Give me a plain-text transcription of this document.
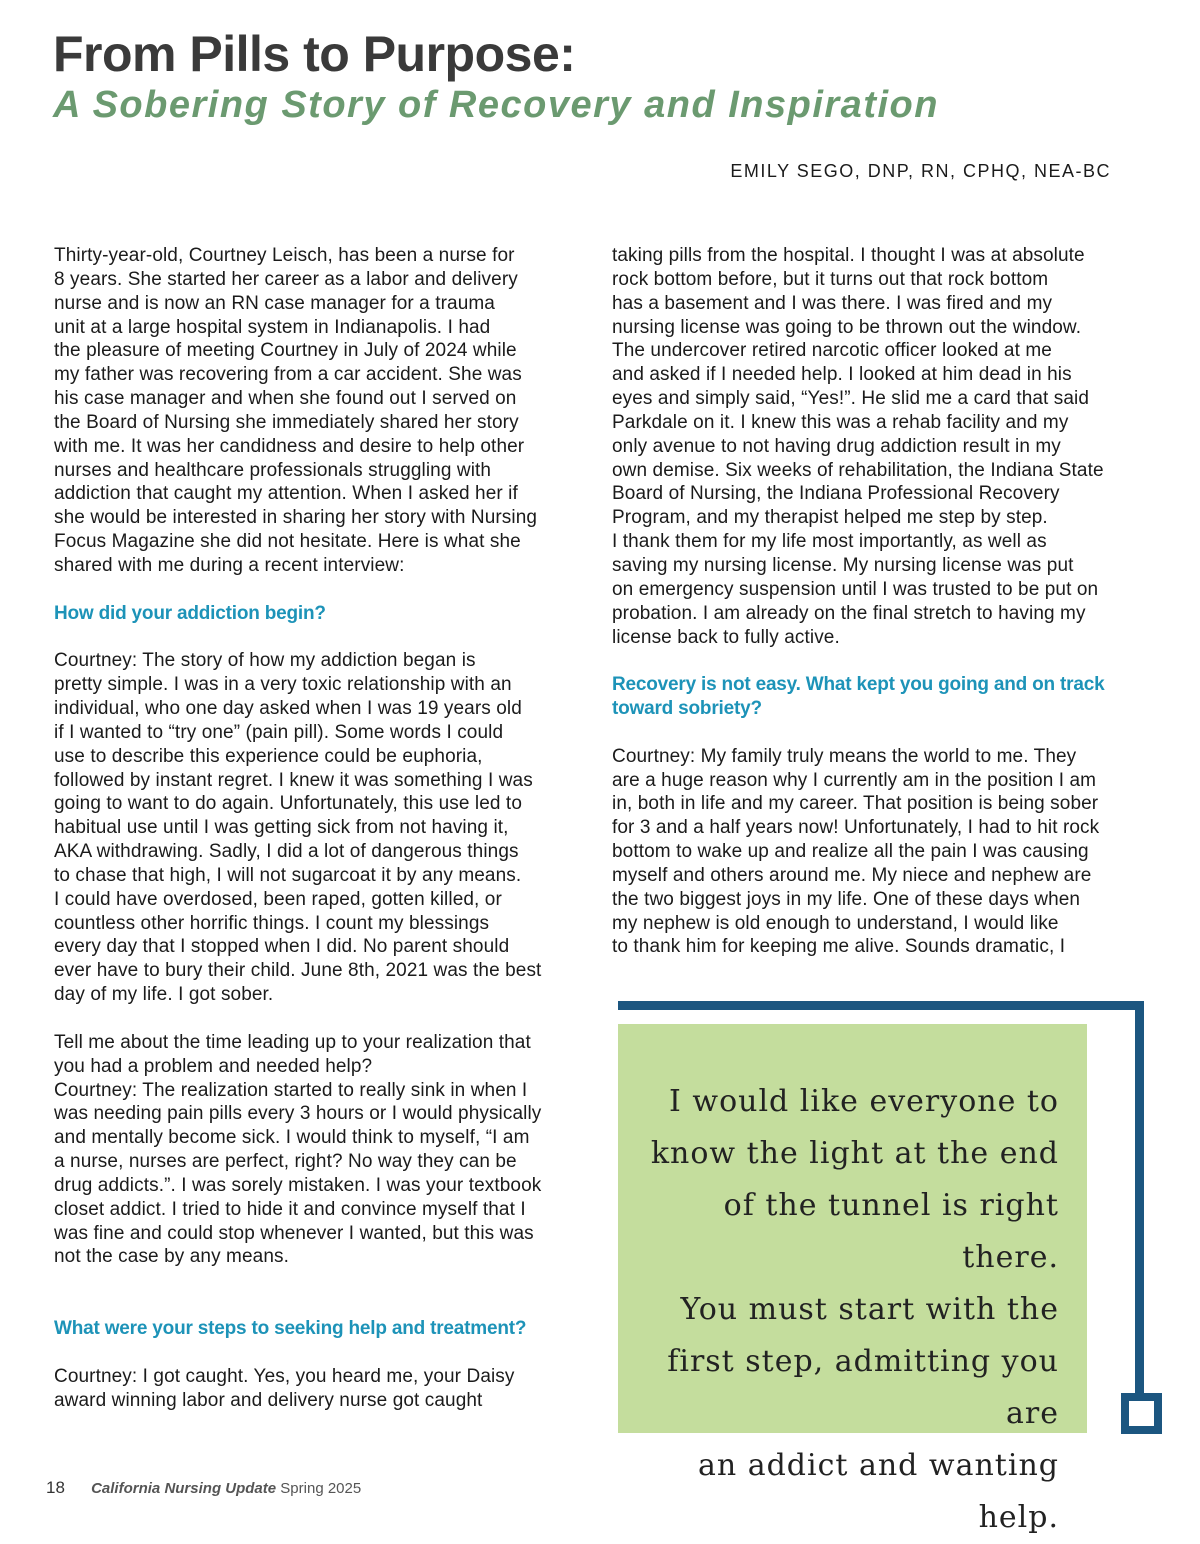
From Pills to Purpose:
A Sobering Story of Recovery and Inspiration
EMILY SEGO, DNP, RN, CPHQ, NEA-BC
Thirty-year-old, Courtney Leisch, has been a nurse for
8 years. She started her career as a labor and delivery
nurse and is now an RN case manager for a trauma
unit at a large hospital system in Indianapolis. I had
the pleasure of meeting Courtney in July of 2024 while
my father was recovering from a car accident. She was
his case manager and when she found out I served on
the Board of Nursing she immediately shared her story
with me. It was her candidness and desire to help other
nurses and healthcare professionals struggling with
addiction that caught my attention. When I asked her if
she would be interested in sharing her story with Nursing
Focus Magazine she did not hesitate. Here is what she
shared with me during a recent interview:

How did your addiction begin?

Courtney: The story of how my addiction began is
pretty simple. I was in a very toxic relationship with an
individual, who one day asked when I was 19 years old
if I wanted to “try one” (pain pill). Some words I could
use to describe this experience could be euphoria,
followed by instant regret. I knew it was something I was
going to want to do again. Unfortunately, this use led to
habitual use until I was getting sick from not having it,
AKA withdrawing. Sadly, I did a lot of dangerous things
to chase that high, I will not sugarcoat it by any means.
I could have overdosed, been raped, gotten killed, or
countless other horrific things. I count my blessings
every day that I stopped when I did. No parent should
ever have to bury their child. June 8th, 2021 was the best
day of my life. I got sober.
Tell me about the time leading up to your realization that
you had a problem and needed help?
Courtney: The realization started to really sink in when I
was needing pain pills every 3 hours or I would physically
and mentally become sick. I would think to myself, “I am
a nurse, nurses are perfect, right? No way they can be
drug addicts.”. I was sorely mistaken. I was your textbook
closet addict. I tried to hide it and convince myself that I
was fine and could stop whenever I wanted, but this was
not the case by any means.

What were your steps to seeking help and treatment?

Courtney: I got caught. Yes, you heard me, your Daisy
award winning labor and delivery nurse got caught
taking pills from the hospital. I thought I was at absolute
rock bottom before, but it turns out that rock bottom
has a basement and I was there. I was fired and my
nursing license was going to be thrown out the window.
The undercover retired narcotic officer looked at me
and asked if I needed help. I looked at him dead in his
eyes and simply said, “Yes!”. He slid me a card that said
Parkdale on it. I knew this was a rehab facility and my
only avenue to not having drug addiction result in my
own demise. Six weeks of rehabilitation, the Indiana State
Board of Nursing, the Indiana Professional Recovery
Program, and my therapist helped me step by step.
I thank them for my life most importantly, as well as
saving my nursing license. My nursing license was put
on emergency suspension until I was trusted to be put on
probation. I am already on the final stretch to having my
license back to fully active.
Recovery is not easy. What kept you going and on track
toward sobriety?
Courtney: My family truly means the world to me. They
are a huge reason why I currently am in the position I am
in, both in life and my career. That position is being sober
for 3 and a half years now! Unfortunately, I had to hit rock
bottom to wake up and realize all the pain I was causing
myself and others around me. My niece and nephew are
the two biggest joys in my life. One of these days when
my nephew is old enough to understand, I would like
to thank him for keeping me alive. Sounds dramatic, I
I would like everyone to
know the light at the end
of the tunnel is right there.
You must start with the
first step, admitting you are
an addict and wanting help.
18 California Nursing Update Spring 2025
